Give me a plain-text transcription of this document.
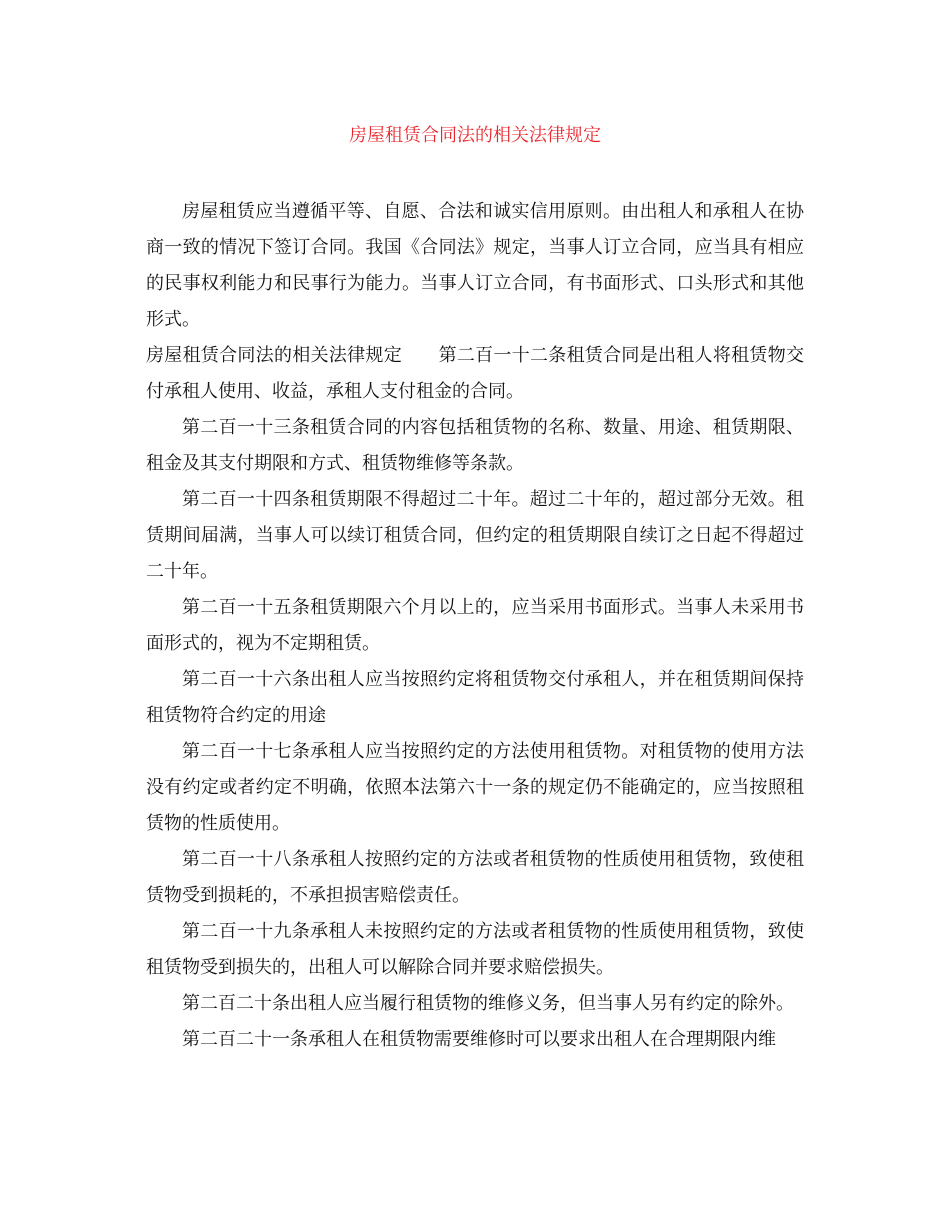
房屋租赁合同法的相关法律规定

房屋租赁应当遵循平等、自愿、合法和诚实信用原则。由出租人和承租人在协商一致的情况下签订合同。我国《合同法》规定，当事人订立合同，应当具有相应的民事权利能力和民事行为能力。当事人订立合同，有书面形式、口头形式和其他形式。

房屋租赁合同法的相关法律规定　　第二百一十二条租赁合同是出租人将租赁物交付承租人使用、收益，承租人支付租金的合同。

第二百一十三条租赁合同的内容包括租赁物的名称、数量、用途、租赁期限、租金及其支付期限和方式、租赁物维修等条款。

第二百一十四条租赁期限不得超过二十年。超过二十年的，超过部分无效。租赁期间届满，当事人可以续订租赁合同，但约定的租赁期限自续订之日起不得超过二十年。

第二百一十五条租赁期限六个月以上的，应当采用书面形式。当事人未采用书面形式的，视为不定期租赁。

第二百一十六条出租人应当按照约定将租赁物交付承租人，并在租赁期间保持租赁物符合约定的用途

第二百一十七条承租人应当按照约定的方法使用租赁物。对租赁物的使用方法没有约定或者约定不明确，依照本法第六十一条的规定仍不能确定的，应当按照租赁物的性质使用。

第二百一十八条承租人按照约定的方法或者租赁物的性质使用租赁物，致使租赁物受到损耗的，不承担损害赔偿责任。

第二百一十九条承租人未按照约定的方法或者租赁物的性质使用租赁物，致使租赁物受到损失的，出租人可以解除合同并要求赔偿损失。

第二百二十条出租人应当履行租赁物的维修义务，但当事人另有约定的除外。

第二百二十一条承租人在租赁物需要维修时可以要求出租人在合理期限内维
